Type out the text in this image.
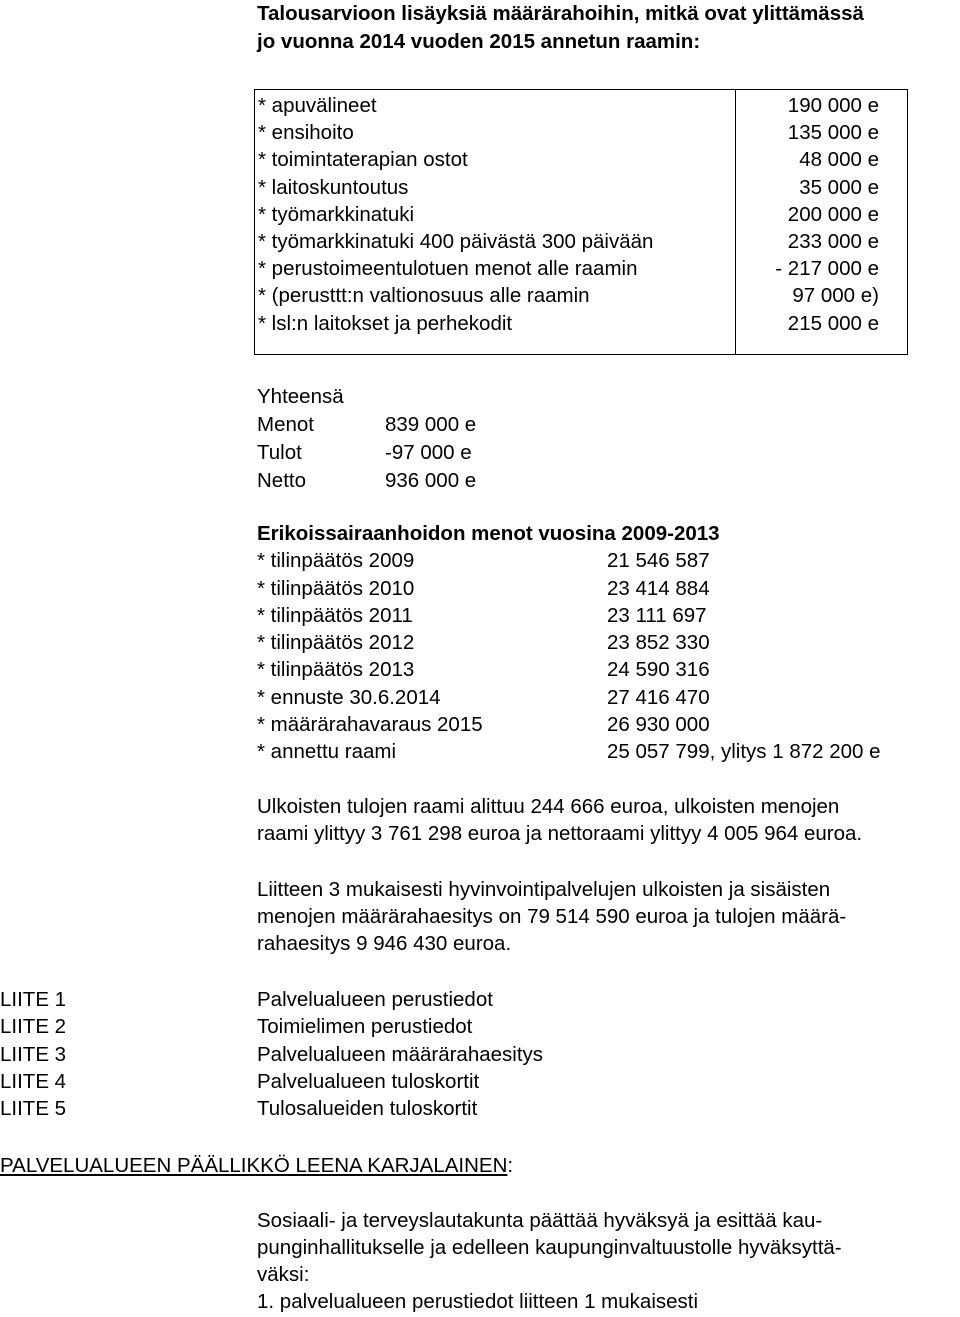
Talousarvioon lisäyksiä määrärahoihin, mitkä ovat ylittämässä
jo vuonna 2014 vuoden 2015 annetun raamin:
* apuvälineet	190 000 e
* ensihoito	135 000 e
* toimintaterapian ostot	48 000 e
* laitoskuntoutus	35 000 e
* työmarkkinatuki	200 000 e
* työmarkkinatuki 400 päivästä 300 päivään	233 000 e
* perustoimeentulotuen menot alle raamin	- 217 000 e
* (perusttt:n valtionosuus alle raamin	97 000 e)
* lsl:n laitokset ja perhekodit	215 000 e
Yhteensä
Menot	839 000 e
Tulot	-97 000 e
Netto	936 000 e
Erikoissairaanhoidon menot vuosina 2009-2013
* tilinpäätös 2009	21 546 587
* tilinpäätös 2010	23 414 884
* tilinpäätös 2011	23 111 697
* tilinpäätös 2012	23 852 330
* tilinpäätös 2013	24 590 316
* ennuste 30.6.2014	27 416 470
* määrärahavaraus 2015	26 930 000
* annettu raami	25 057 799, ylitys 1 872 200 e
Ulkoisten tulojen raami alittuu 244 666 euroa, ulkoisten menojen
raami ylittyy 3 761 298 euroa ja nettoraami ylittyy 4 005 964 euroa.
Liitteen 3 mukaisesti hyvinvointipalvelujen ulkoisten ja sisäisten
menojen määrärahaesitys on 79 514 590 euroa ja tulojen määrä-
rahaesitys 9 946 430 euroa.
LIITE 1	Palvelualueen perustiedot
LIITE 2	Toimielimen perustiedot
LIITE 3	Palvelualueen määrärahaesitys
LIITE 4	Palvelualueen tuloskortit
LIITE 5	Tulosalueiden tuloskortit
PALVELUALUEEN PÄÄLLIKKÖ LEENA KARJALAINEN:
Sosiaali- ja terveyslautakunta päättää hyväksyä ja esittää kau-
punginhallitukselle ja edelleen kaupunginvaltuustolle hyväksyttä-
väksi:
1. palvelualueen perustiedot liitteen 1 mukaisesti
